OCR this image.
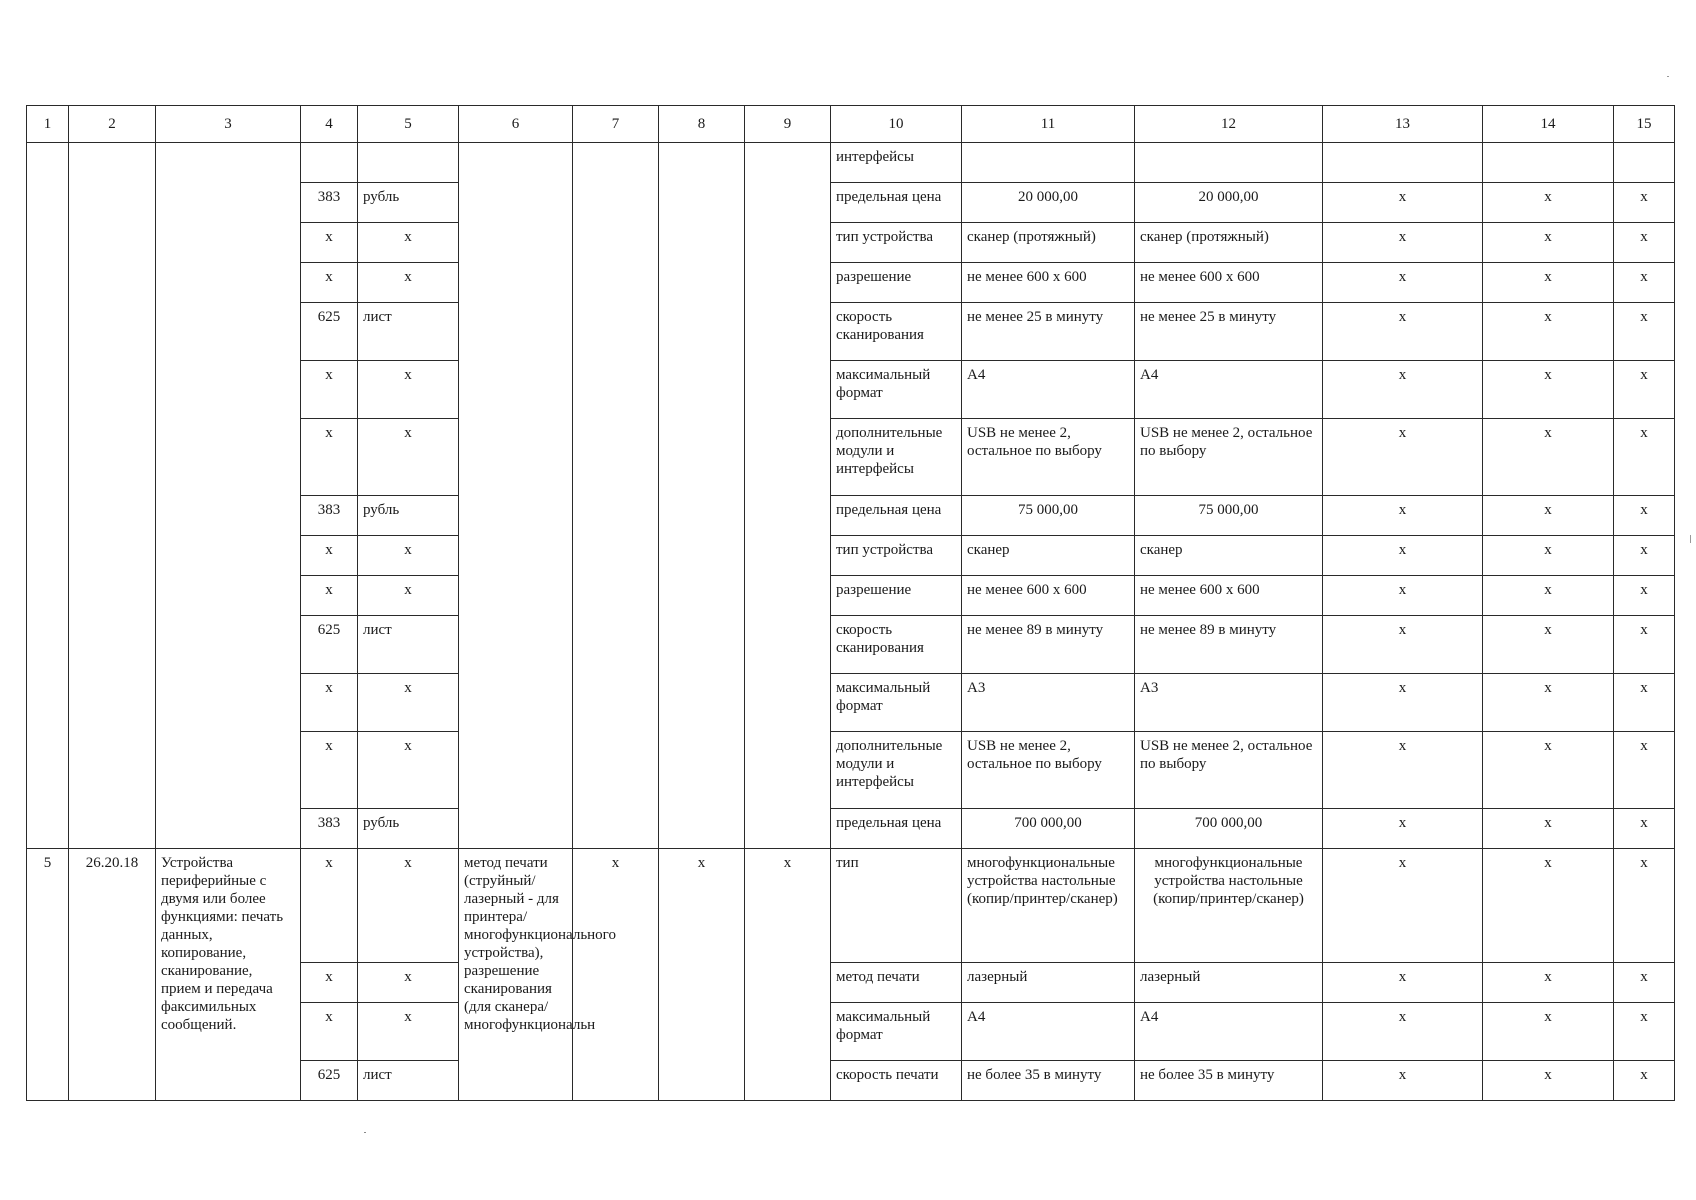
1	2	3	4	5	6	7	8	9	10	11	12	13	14	15
									интерфейсы					
			383	рубль					предельная цена	20 000,00	20 000,00	x	x	x
			x	x					тип устройства	сканер (протяжный)	сканер (протяжный)	x	x	x
			x	x					разрешение	не менее 600 x 600	не менее 600 x 600	x	x	x
			625	лист					скорость сканирования	не менее 25 в минуту	не менее 25 в минуту	x	x	x
			x	x					максимальный формат	А4	А4	x	x	x
			x	x					дополнительные модули и интерфейсы	USB не менее 2, остальное по выбору	USB не менее 2, остальное по выбору	x	x	x
			383	рубль					предельная цена	75 000,00	75 000,00	x	x	x
			x	x					тип устройства	сканер	сканер	x	x	x
			x	x					разрешение	не менее 600 x 600	не менее 600 x 600	x	x	x
			625	лист					скорость сканирования	не менее 89 в минуту	не менее 89 в минуту	x	x	x
			x	x					максимальный формат	А3	А3	x	x	x
			x	x					дополнительные модули и интерфейсы	USB не менее 2, остальное по выбору	USB не менее 2, остальное по выбору	x	x	x
			383	рубль					предельная цена	700 000,00	700 000,00	x	x	x
5	26.20.18	Устройства периферийные с двумя или более функциями: печать данных, копирование, сканирование, прием и передача факсимильных сообщений.	x	x	метод печати (струйный/лазерный - для принтера/многофункционального устройства), разрешение сканирования (для сканера/многофункциональн	x	x	x	тип	многофункциональные устройства настольные (копир/принтер/сканер)	многофункциональные устройства настольные (копир/принтер/сканер)	x	x	x
			x	x					метод печати	лазерный	лазерный	x	x	x
			x	x					максимальный формат	А4	А4	x	x	x
			625	лист					скорость печати	не более 35 в минуту	не более 35 в минуту	x	x	x
